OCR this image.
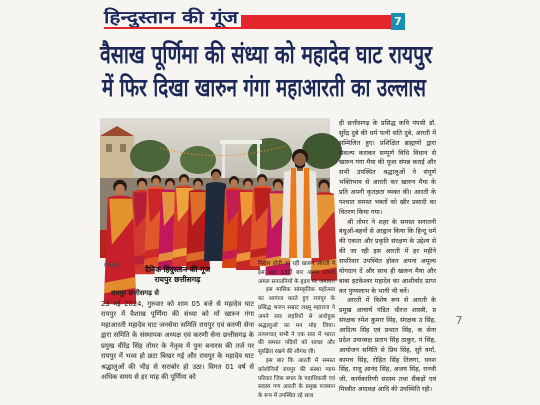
हिन्दुस्तान की गूंज	7
वैसाख पूर्णिमा की संध्या को महादेव घाट रायपुर
में फिर दिखा खारुन गंगा महाआरती का उल्लास
0684	दैनिक हिंदुस्तान की गूंज
रायपुर छत्तीसगढ़

रायपुर छत्तीसगढ़ से

23 मई 2024, गुरुवार को शाम 05 बजे से महादेव घाट रायपुर में वैशाख पूर्णिमा की संध्या को माँ खारुन गंगा महाआरती महादेव घाट जनसेवा समिति रायपुर एवं करणी सेना द्वारा समिति के संस्थापक अध्यक्ष एवं करणी सेना छत्तीसगढ़ के प्रमुख वीरेंद्र सिंह तोमर के नेतृत्व में पुनः बनारस की तर्ज पर रायपुर में भव्य हो छटा बिखर गई और रायपुर के महादेव घाट श्रद्धालुओं की भीड़ से सराबोर हो उठा। विगत 01 वर्ष से अधिक समय से हर माह की पूर्णिमा को

निरंतर होती आ रही खारुन आरती ने इस माह 13वीं बार अपना प्रभाव अमल सनातनियों के हृदय पर जमाया।

इस मासिक सांस्कृतिक महोत्सव का आगाज करते हुए रायपुर के प्रसिद्ध भजन सम्राट लक्ष्मू महाराज ने अपने स्वर लहरियों से आरोहुक श्रद्धालुओं का मन मोह लिया। तत्पश्चात् सभी ने एक स्वर में भारत की समस्त नदियों को स्वच्छ और सुरक्षित रखने की शौगंध ली।

इस बार कि आरती में समस्त कॉलोनियों रायपुर की संस्था ग्याम परिवार जिस बगल के पदाधिकारी एवं सदस्य गण आरती के प्रमुख यजमान के रूप में उपस्थित रहे साथ

ही छत्तीसगढ़ के प्रसिद्ध कवि पंपसी डॉ. सुरेंद्र दुबे की धर्म पत्नी सति दुबे, आरती में सम्मिलित हुए। प्रशिक्षित ब्राह्मणों द्वारा संकल्प कराकर सम्पूर्ण विधि विधान से खारुन गंगा मैया की पूजा संपन्न कराई और सभी उपस्थित श्रद्धालुओं ने संपूर्ण भक्तिभाव से आरती कर खारुन मैया के प्रति अपनी कृतज्ञता व्यक्त की। आरती के पश्चात समस्त भक्तों को खीर प्रसादी का वितरण किया गया।

श्री तोमर ने शहर के समस्त सनातनी बंधुओं-बहनों से आह्वान किया कि हिन्दू धर्म की एकता और प्रकृति संरक्षण के उद्देश्य से की जा रही इस आरती में हर महीने सपरिवार उपस्थित होकर अपना अमूल्य योगदान दें और साथ ही खारुन मैया और बाबा हटकेश्वर महादेव का आशीर्वाद प्राप्त कर पुण्यलाभ के भागी भी बनें।

आरती में विशेष रूप से आरती के प्रमुख आचार्य पंडित धीरज शास्त्री, प्र संरक्षक रमेश कुमार सिंह, संरक्षक उ सिंह, आदित्य सिंह एवं प्रभात सिंह, क सेना प्रदेश उपाध्यक्ष प्रताप सिंह ठाकुर, पं सिंह, आयोजन समिति से प्रिय सिंह, सुरें वर्मा, कामच सिंह, रोहित सिंह तिलगा, धनश सिंह, राजु आनंद सिंह, अजय सिंह, रानवी जी, कार्यकारिणी सदस्य तथा सैंकड़ों एवं मिस्त्रीत आदवक्ष आदि की उपस्थिति रही।

7
